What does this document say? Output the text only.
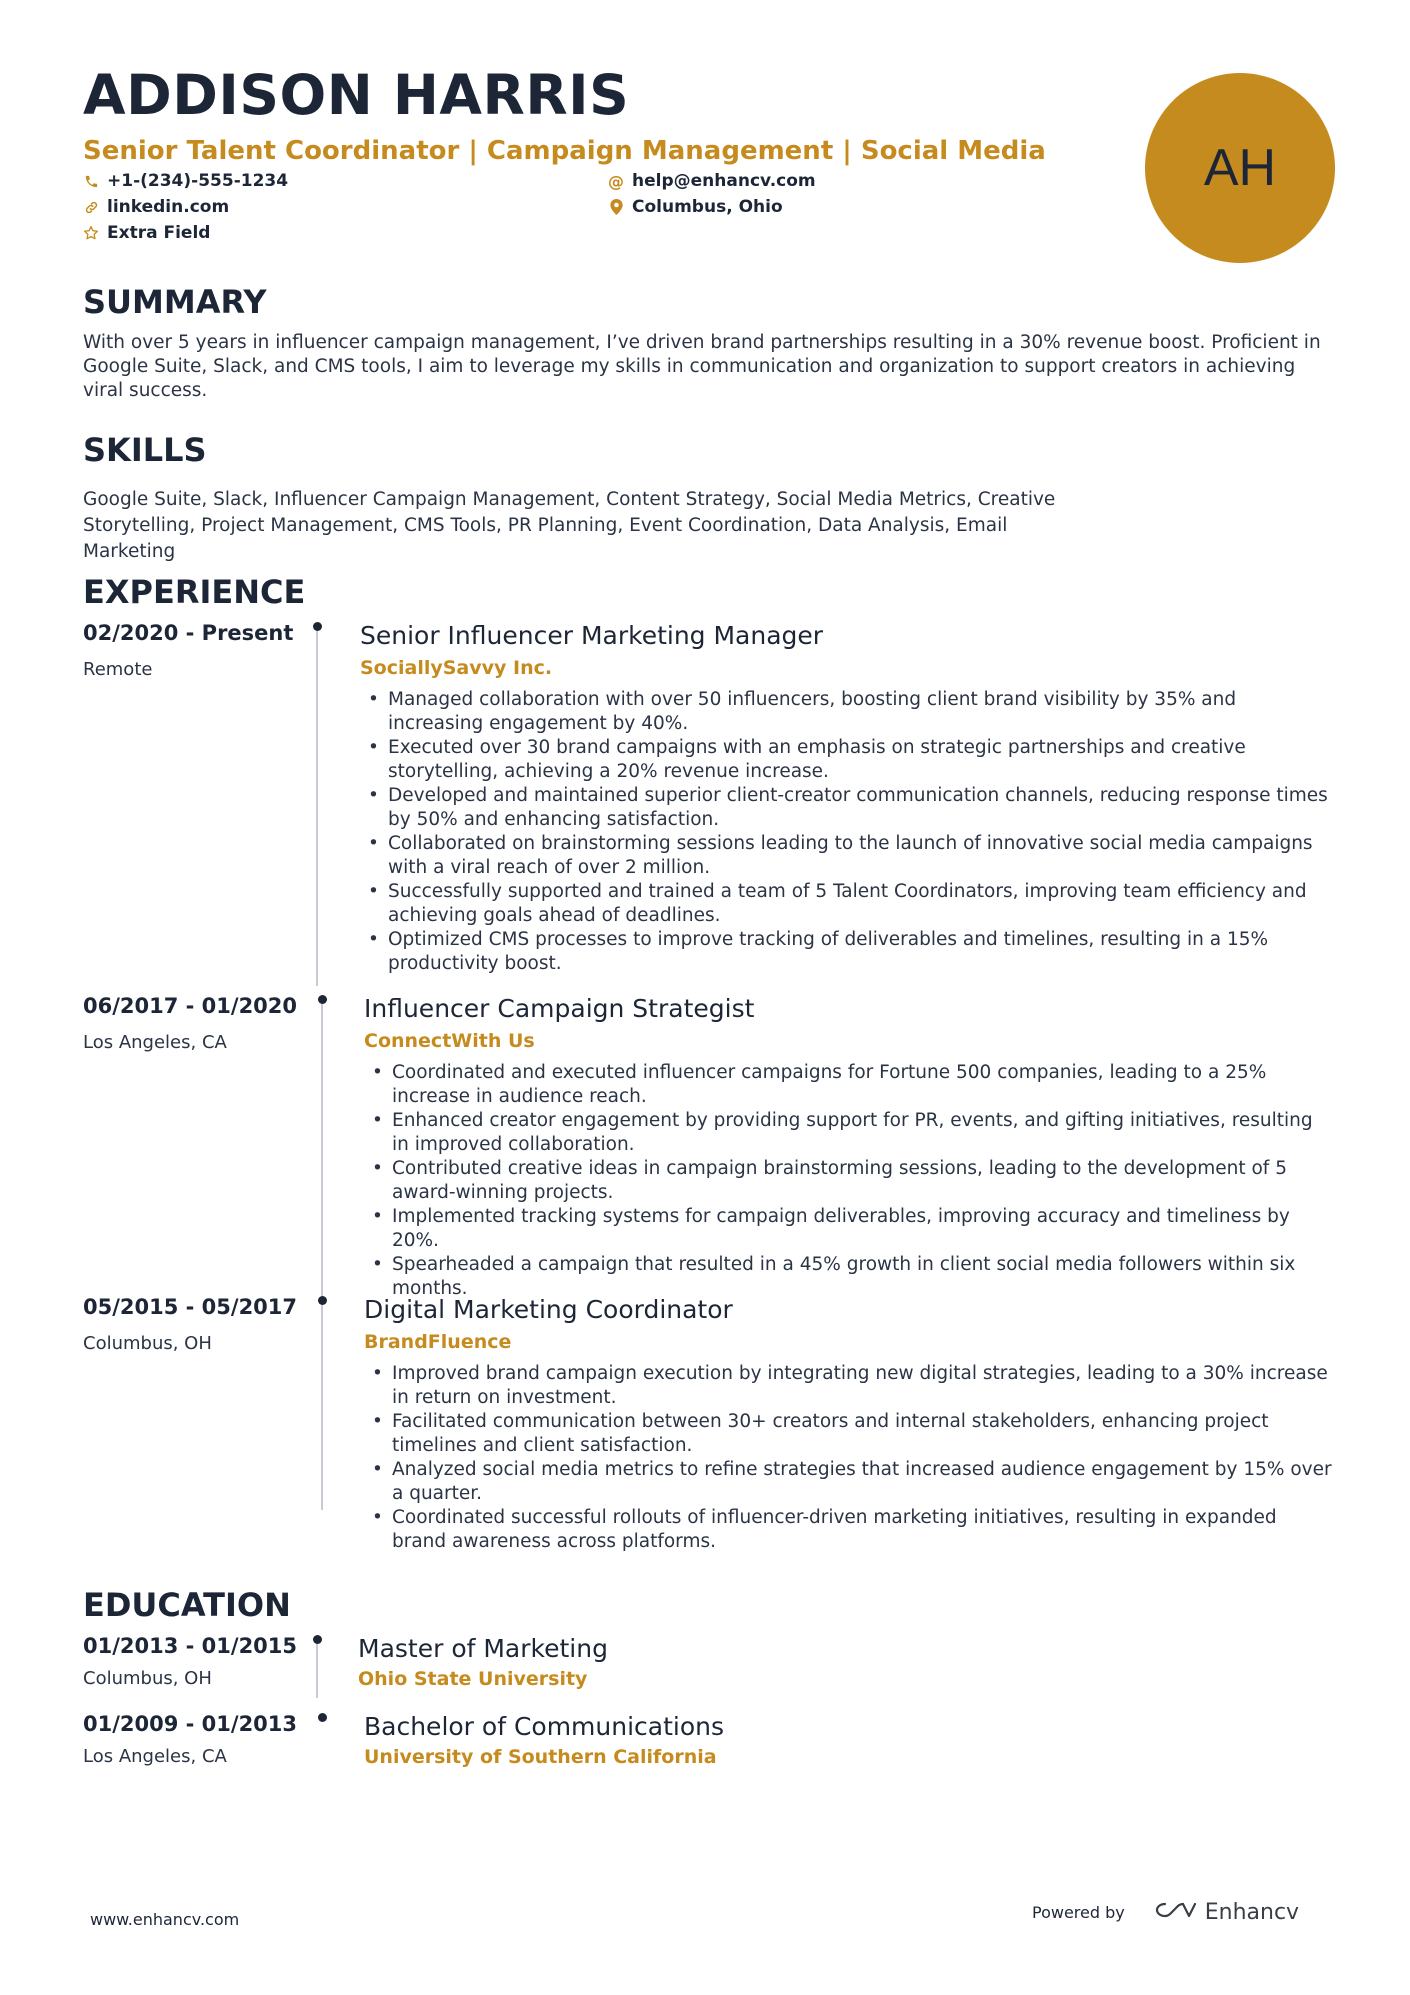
ADDISON HARRIS
Senior Talent Coordinator | Campaign Management | Social Media
+1-(234)-555-1234	@ help@enhancv.com
linkedin.com	Columbus, Ohio
Extra Field
AH
SUMMARY
With over 5 years in influencer campaign management, I’ve driven brand partnerships resulting in a 30% revenue boost. Proficient in Google Suite, Slack, and CMS tools, I aim to leverage my skills in communication and organization to support creators in achieving viral success.
SKILLS
Google Suite, Slack, Influencer Campaign Management, Content Strategy, Social Media Metrics, Creative Storytelling, Project Management, CMS Tools, PR Planning, Event Coordination, Data Analysis, Email Marketing
EXPERIENCE
02/2020 - Present
Remote
Senior Influencer Marketing Manager
SociallySavvy Inc.
• Managed collaboration with over 50 influencers, boosting client brand visibility by 35% and increasing engagement by 40%.
• Executed over 30 brand campaigns with an emphasis on strategic partnerships and creative storytelling, achieving a 20% revenue increase.
• Developed and maintained superior client-creator communication channels, reducing response times by 50% and enhancing satisfaction.
• Collaborated on brainstorming sessions leading to the launch of innovative social media campaigns with a viral reach of over 2 million.
• Successfully supported and trained a team of 5 Talent Coordinators, improving team efficiency and achieving goals ahead of deadlines.
• Optimized CMS processes to improve tracking of deliverables and timelines, resulting in a 15% productivity boost.
06/2017 - 01/2020
Los Angeles, CA
Influencer Campaign Strategist
ConnectWith Us
• Coordinated and executed influencer campaigns for Fortune 500 companies, leading to a 25% increase in audience reach.
• Enhanced creator engagement by providing support for PR, events, and gifting initiatives, resulting in improved collaboration.
• Contributed creative ideas in campaign brainstorming sessions, leading to the development of 5 award-winning projects.
• Implemented tracking systems for campaign deliverables, improving accuracy and timeliness by 20%.
• Spearheaded a campaign that resulted in a 45% growth in client social media followers within six months.
05/2015 - 05/2017
Columbus, OH
Digital Marketing Coordinator
BrandFluence
• Improved brand campaign execution by integrating new digital strategies, leading to a 30% increase in return on investment.
• Facilitated communication between 30+ creators and internal stakeholders, enhancing project timelines and client satisfaction.
• Analyzed social media metrics to refine strategies that increased audience engagement by 15% over a quarter.
• Coordinated successful rollouts of influencer-driven marketing initiatives, resulting in expanded brand awareness across platforms.
EDUCATION
01/2013 - 01/2015
Columbus, OH
Master of Marketing
Ohio State University
01/2009 - 01/2013
Los Angeles, CA
Bachelor of Communications
University of Southern California
www.enhancv.com	Powered by	Enhancv
